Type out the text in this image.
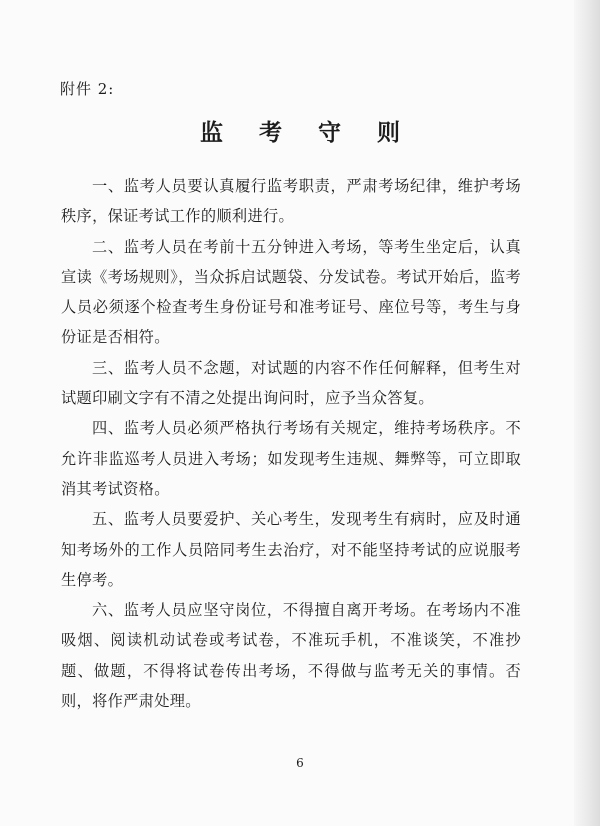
附件 2:
监 考 守 则

一、监考人员要认真履行监考职责，严肃考场纪律，维护考场秩序，保证考试工作的顺利进行。

二、监考人员在考前十五分钟进入考场，等考生坐定后，认真宣读《考场规则》，当众拆启试题袋、分发试卷。考试开始后，监考人员必须逐个检查考生身份证号和准考证号、座位号等，考生与身份证是否相符。

三、监考人员不念题，对试题的内容不作任何解释，但考生对试题印刷文字有不清之处提出询问时，应予当众答复。

四、监考人员必须严格执行考场有关规定，维持考场秩序。不允许非监巡考人员进入考场；如发现考生违规、舞弊等，可立即取消其考试资格。

五、监考人员要爱护、关心考生，发现考生有病时，应及时通知考场外的工作人员陪同考生去治疗，对不能坚持考试的应说服考生停考。

六、监考人员应坚守岗位，不得擅自离开考场。在考场内不准吸烟、阅读机动试卷或考试卷，不准玩手机，不准谈笑，不准抄题、做题，不得将试卷传出考场，不得做与监考无关的事情。否则，将作严肃处理。

6
